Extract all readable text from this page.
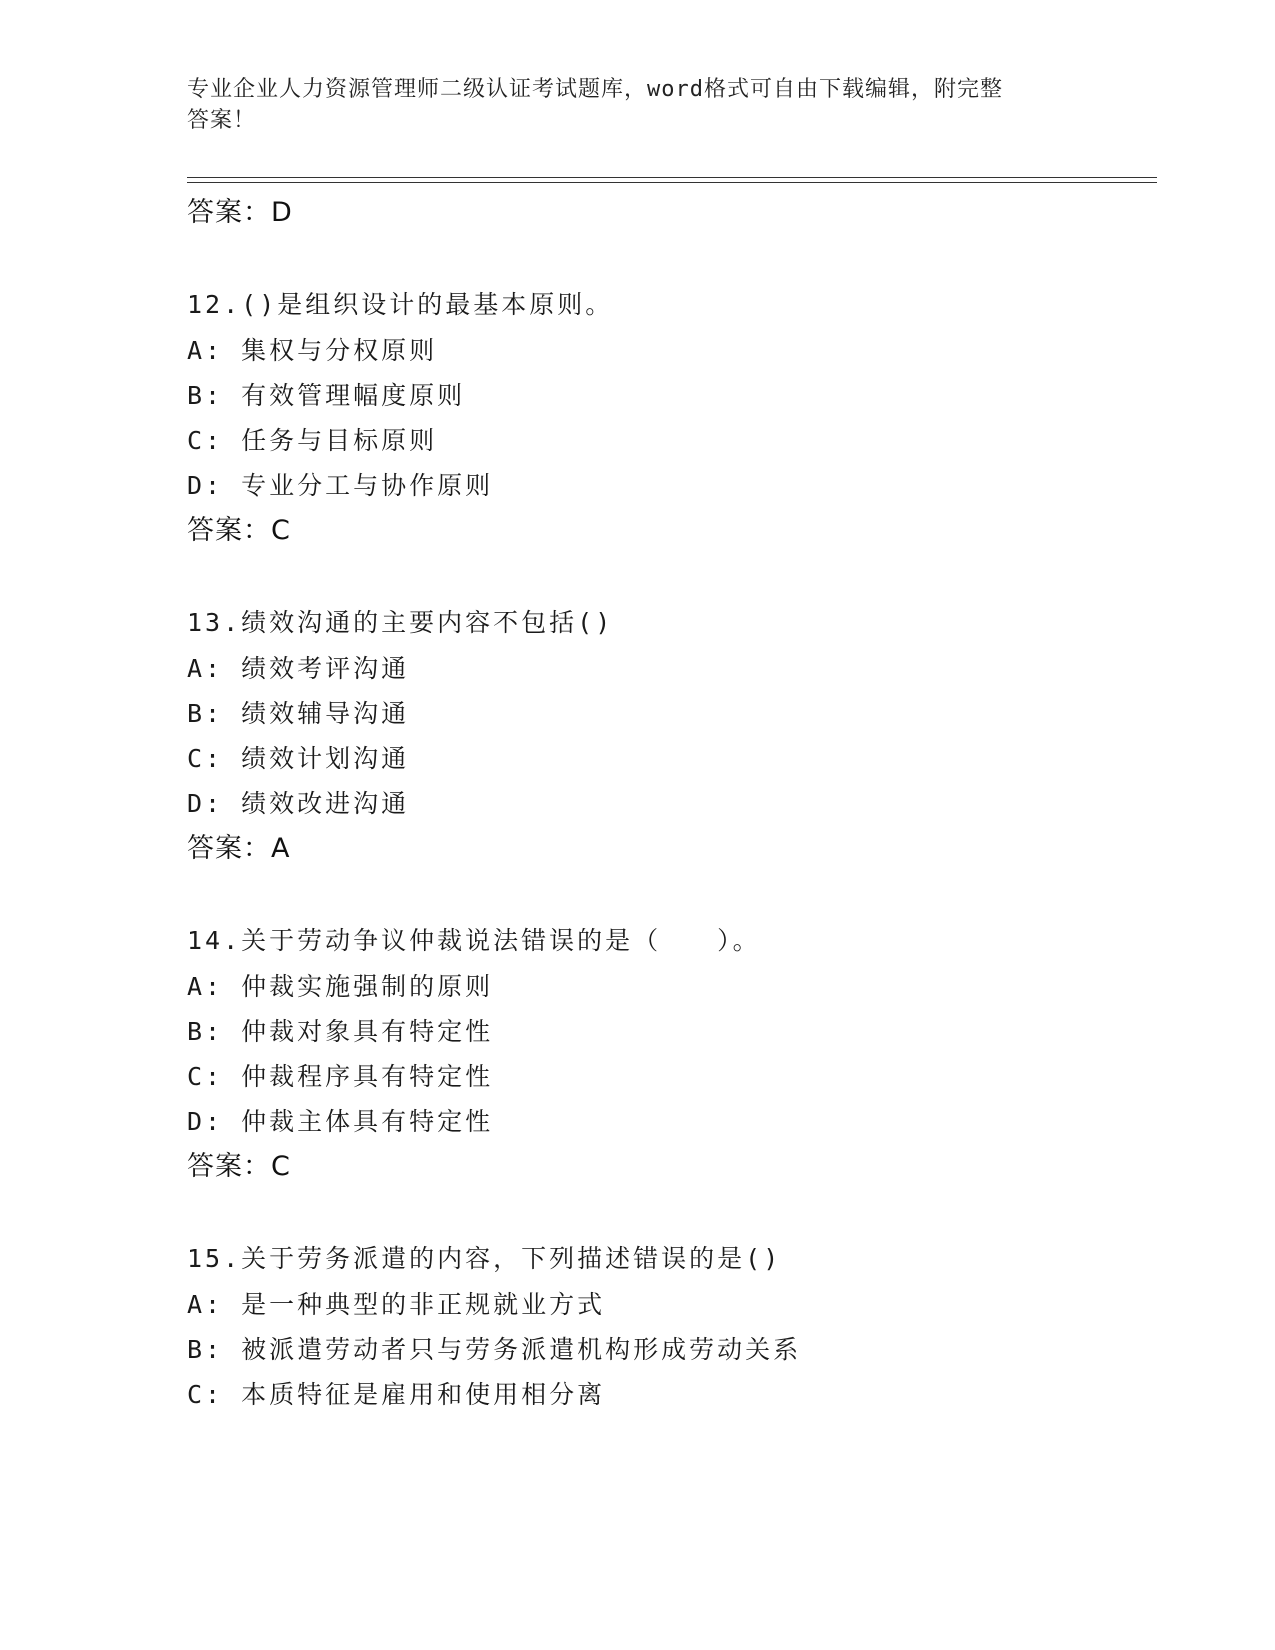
专业企业人力资源管理师二级认证考试题库，word格式可自由下载编辑，附完整
答案！
答案：D
12.()是组织设计的最基本原则。
A: 集权与分权原则
B: 有效管理幅度原则
C: 任务与目标原则
D: 专业分工与协作原则
答案：C
13.绩效沟通的主要内容不包括()
A: 绩效考评沟通
B: 绩效辅导沟通
C: 绩效计划沟通
D: 绩效改进沟通
答案：A
14.关于劳动争议仲裁说法错误的是（　　）。
A: 仲裁实施强制的原则
B: 仲裁对象具有特定性
C: 仲裁程序具有特定性
D: 仲裁主体具有特定性
答案：C
15.关于劳务派遣的内容，下列描述错误的是()
A: 是一种典型的非正规就业方式
B: 被派遣劳动者只与劳务派遣机构形成劳动关系
C: 本质特征是雇用和使用相分离
